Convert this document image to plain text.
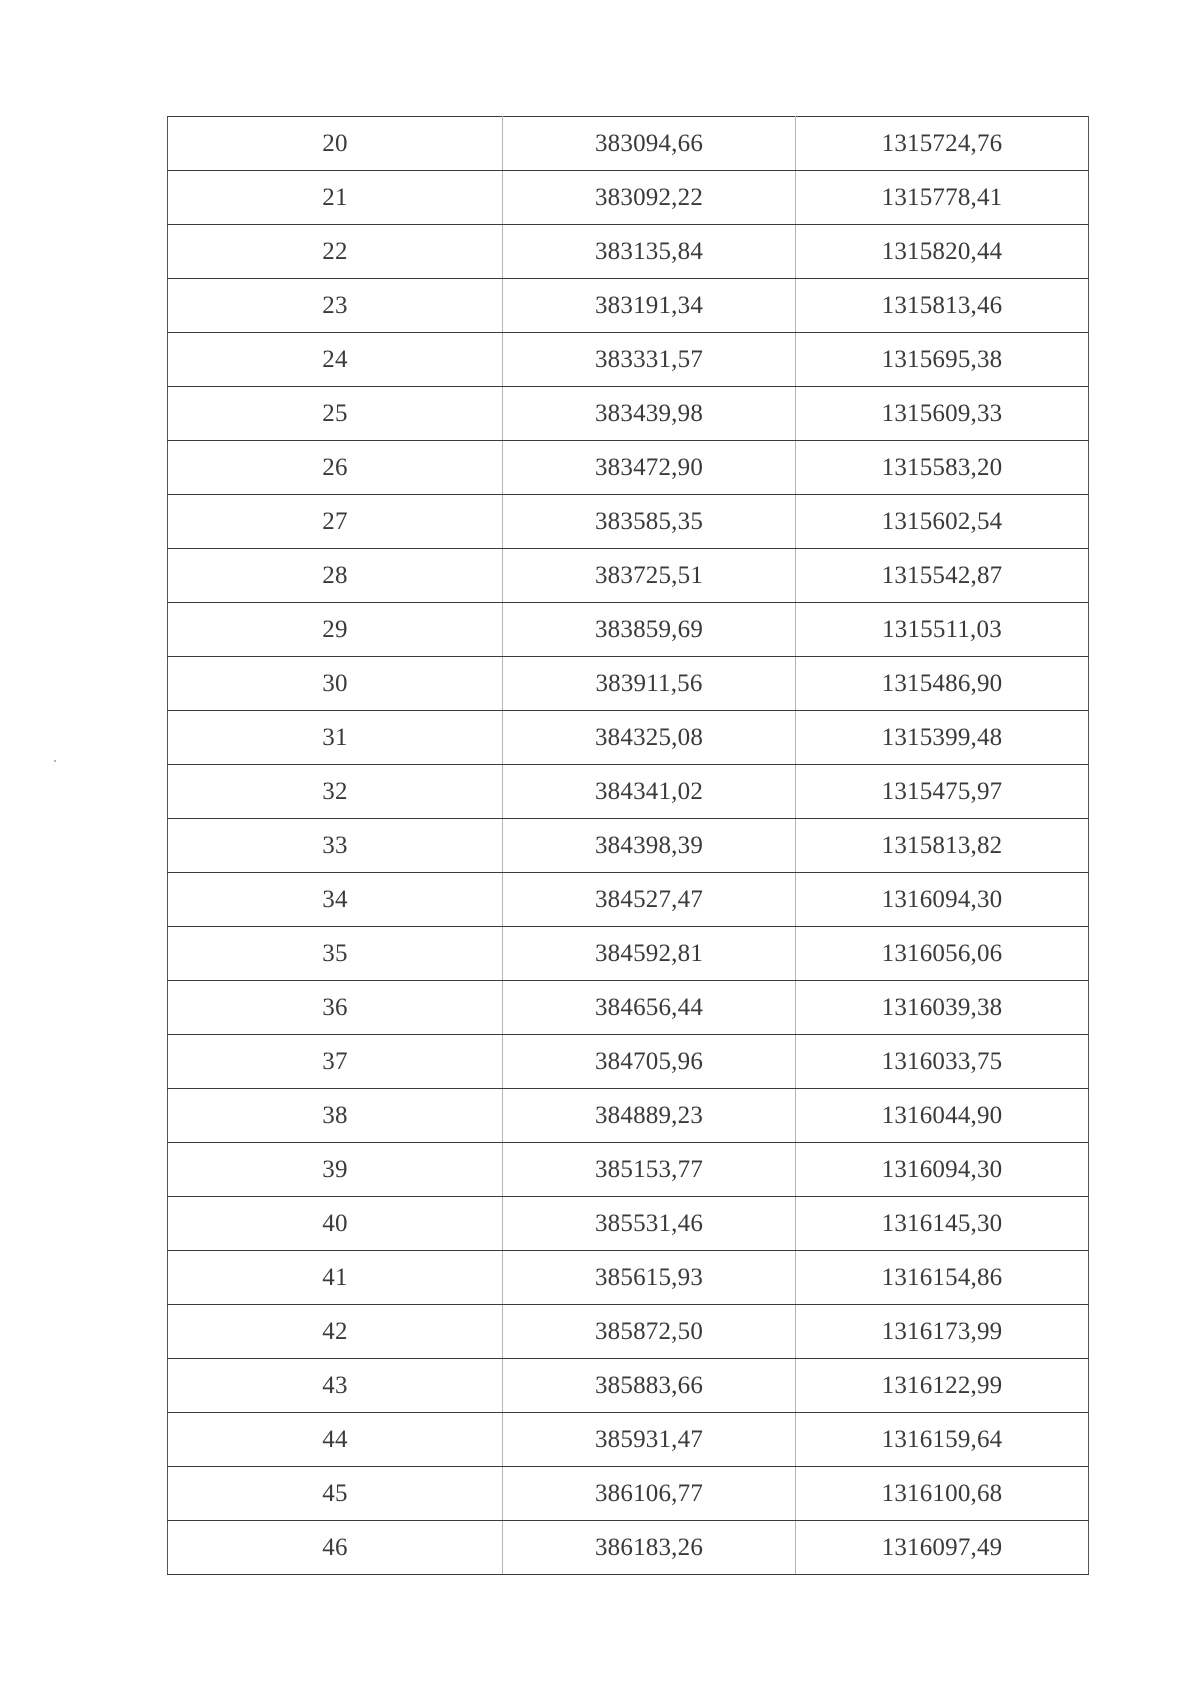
20	383094,66	1315724,76
21	383092,22	1315778,41
22	383135,84	1315820,44
23	383191,34	1315813,46
24	383331,57	1315695,38
25	383439,98	1315609,33
26	383472,90	1315583,20
27	383585,35	1315602,54
28	383725,51	1315542,87
29	383859,69	1315511,03
30	383911,56	1315486,90
31	384325,08	1315399,48
32	384341,02	1315475,97
33	384398,39	1315813,82
34	384527,47	1316094,30
35	384592,81	1316056,06
36	384656,44	1316039,38
37	384705,96	1316033,75
38	384889,23	1316044,90
39	385153,77	1316094,30
40	385531,46	1316145,30
41	385615,93	1316154,86
42	385872,50	1316173,99
43	385883,66	1316122,99
44	385931,47	1316159,64
45	386106,77	1316100,68
46	386183,26	1316097,49
